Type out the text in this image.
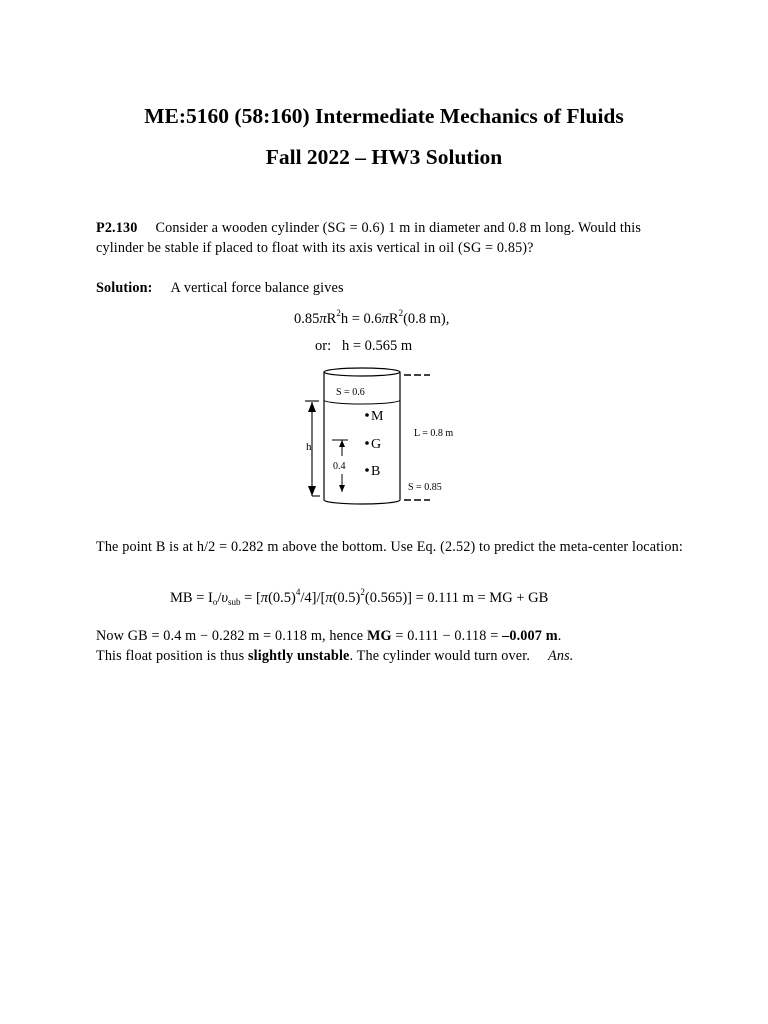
ME:5160 (58:160) Intermediate Mechanics of Fluids
Fall 2022 – HW3 Solution
P2.130 Consider a wooden cylinder (SG = 0.6) 1 m in diameter and 0.8 m long. Would this cylinder be stable if placed to float with its axis vertical in oil (SG = 0.85)?
Solution: A vertical force balance gives
$0.85\pi R^2h = 0.6\pi R^2(0.8$ m),
or: h = 0.565 m
S = 0.6
M
G
B
h
0.4
L = 0.8 m
S = 0.85
The point B is at h/2 = 0.282 m above the bottom. Use Eq. (2.52) to predict the meta-center location:
MB = $I_o/\upsilon_{sub} = [\pi(0.5)^4/4]/[\pi(0.5)^2(0.565)] = 0.111$ m = MG + GB
Now GB = 0.4 m − 0.282 m = 0.118 m, hence MG = 0.111 − 0.118 = –0.007 m.
This float position is thus slightly unstable. The cylinder would turn over. Ans.
